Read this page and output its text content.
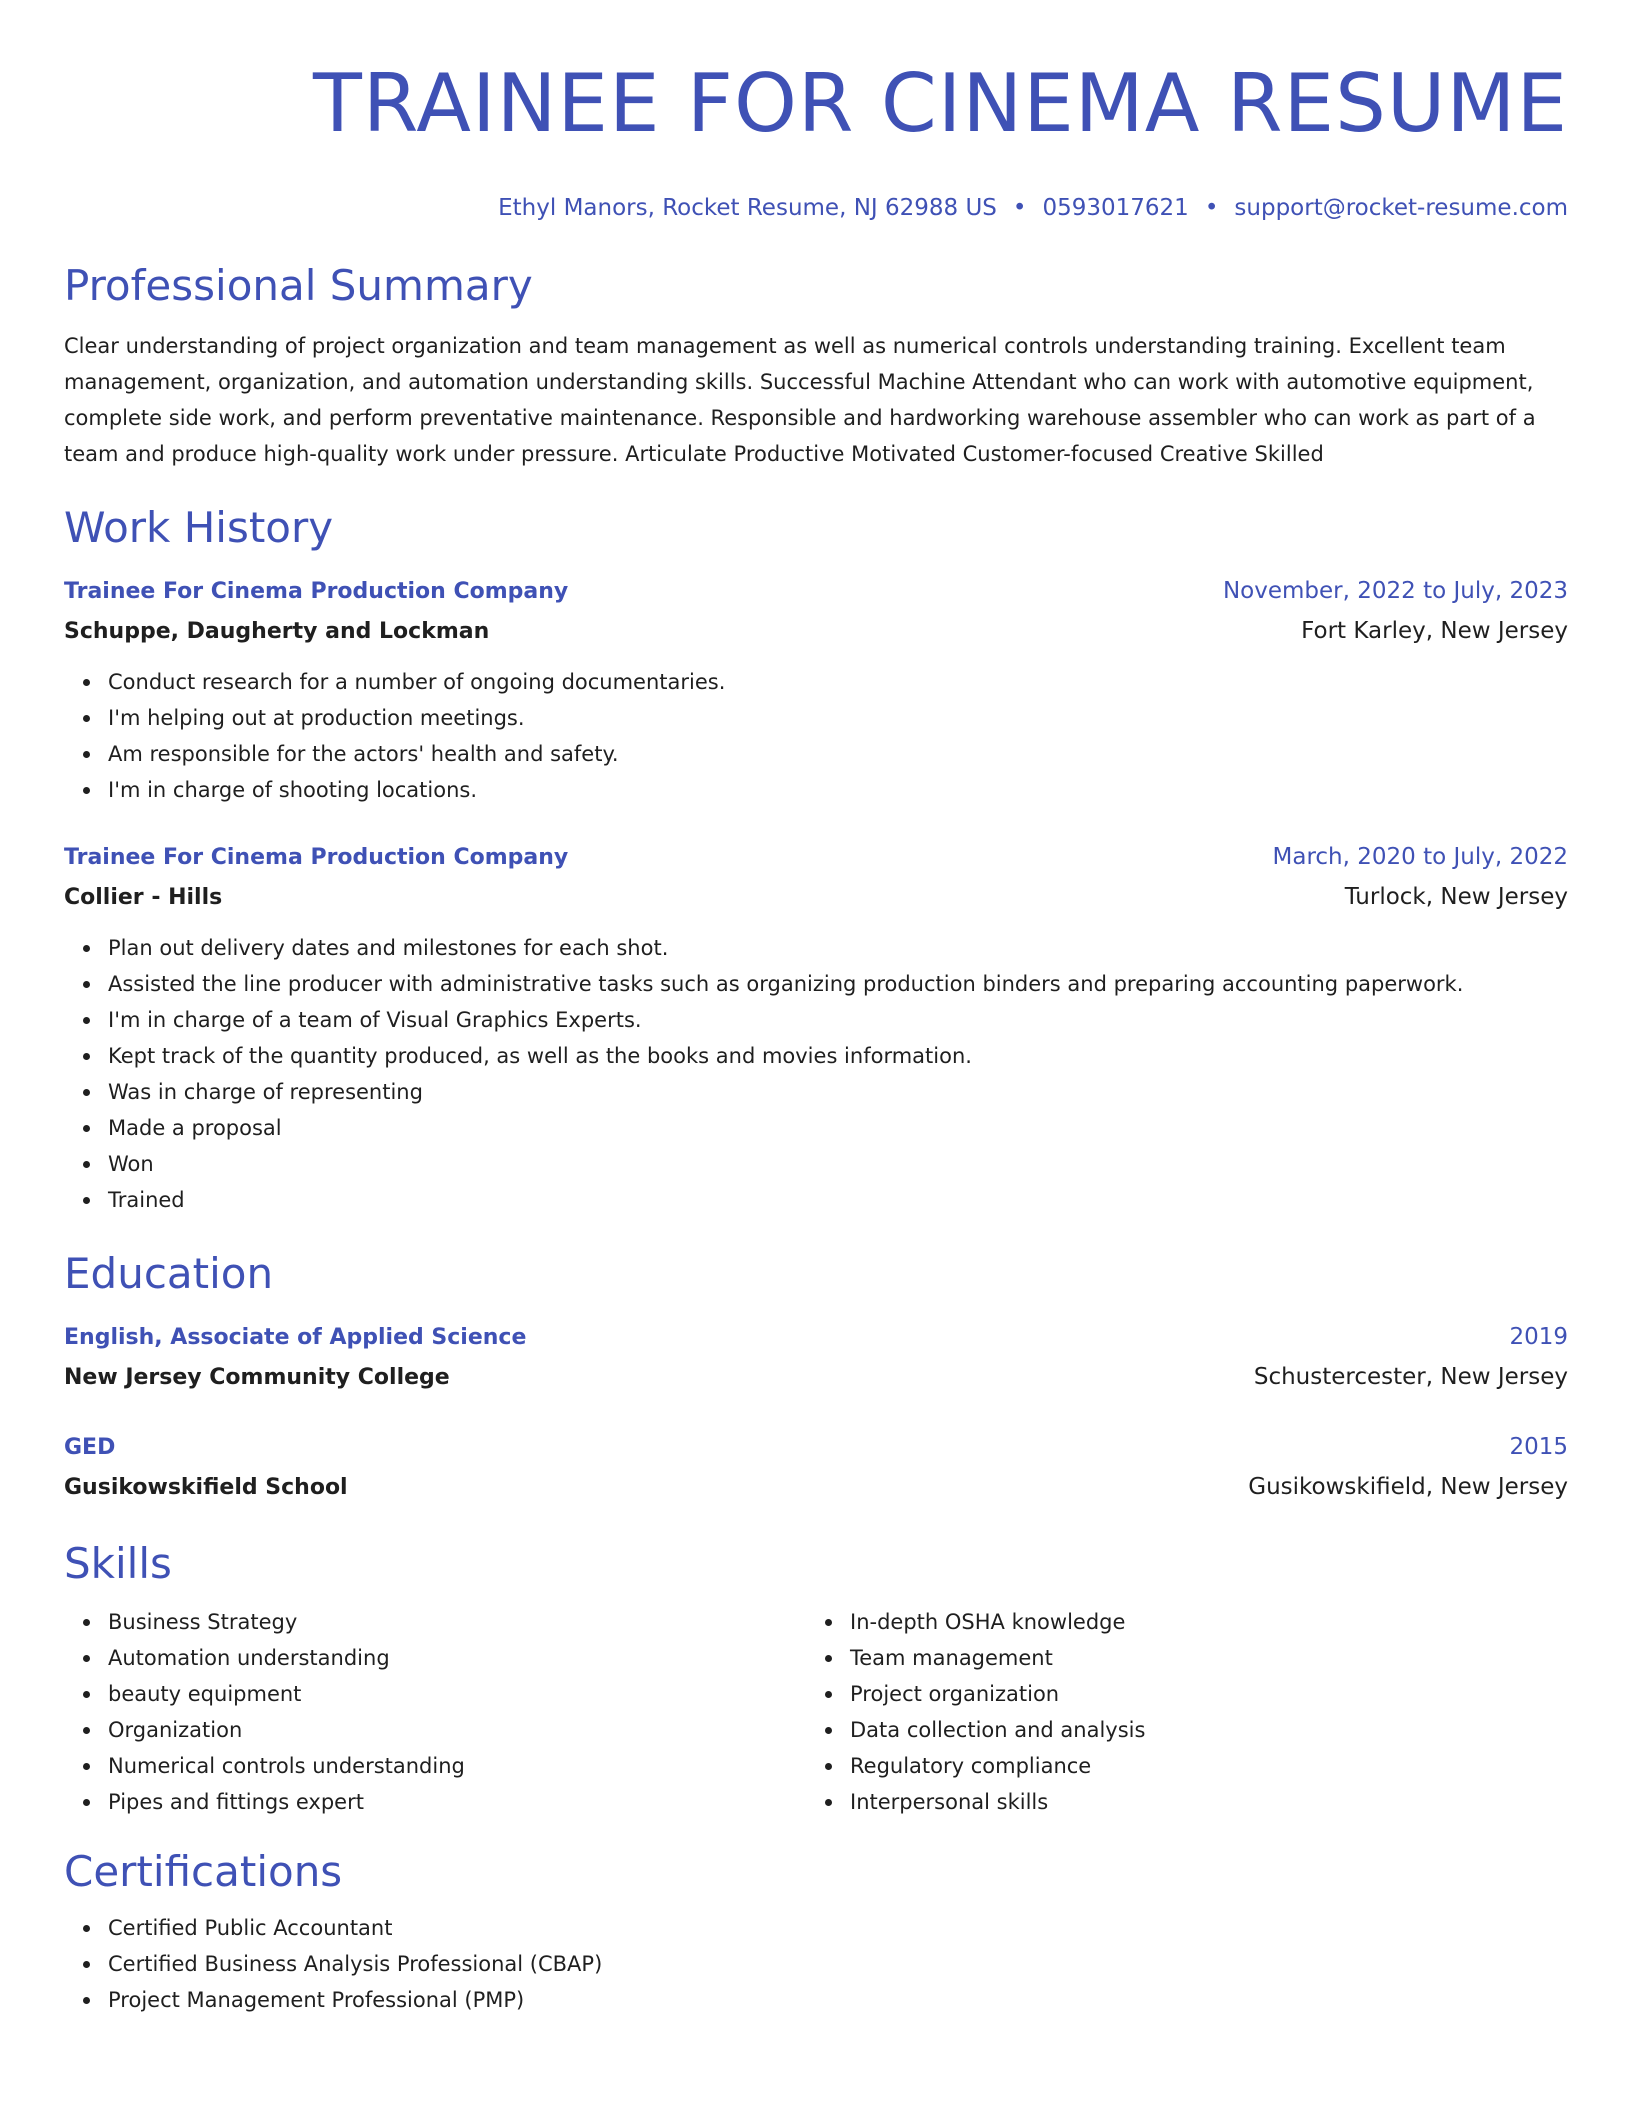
TRAINEE FOR CINEMA RESUME
Ethyl Manors, Rocket Resume, NJ 62988 US • 0593017621 • support@rocket-resume.com
Professional Summary
Clear understanding of project organization and team management as well as numerical controls understanding training. Excellent team management, organization, and automation understanding skills. Successful Machine Attendant who can work with automotive equipment, complete side work, and perform preventative maintenance. Responsible and hardworking warehouse assembler who can work as part of a team and produce high-quality work under pressure. Articulate Productive Motivated Customer-focused Creative Skilled
Work History
Trainee For Cinema Production Company	November, 2022 to July, 2023
Schuppe, Daugherty and Lockman	Fort Karley, New Jersey
Conduct research for a number of ongoing documentaries.
I'm helping out at production meetings.
Am responsible for the actors' health and safety.
I'm in charge of shooting locations.
Trainee For Cinema Production Company	March, 2020 to July, 2022
Collier - Hills	Turlock, New Jersey
Plan out delivery dates and milestones for each shot.
Assisted the line producer with administrative tasks such as organizing production binders and preparing accounting paperwork.
I'm in charge of a team of Visual Graphics Experts.
Kept track of the quantity produced, as well as the books and movies information.
Was in charge of representing
Made a proposal
Won
Trained
Education
English, Associate of Applied Science	2019
New Jersey Community College	Schustercester, New Jersey
GED	2015
Gusikowskifield School	Gusikowskifield, New Jersey
Skills
Business Strategy
Automation understanding
beauty equipment
Organization
Numerical controls understanding
Pipes and fittings expert
In-depth OSHA knowledge
Team management
Project organization
Data collection and analysis
Regulatory compliance
Interpersonal skills
Certifications
Certified Public Accountant
Certified Business Analysis Professional (CBAP)
Project Management Professional (PMP)
